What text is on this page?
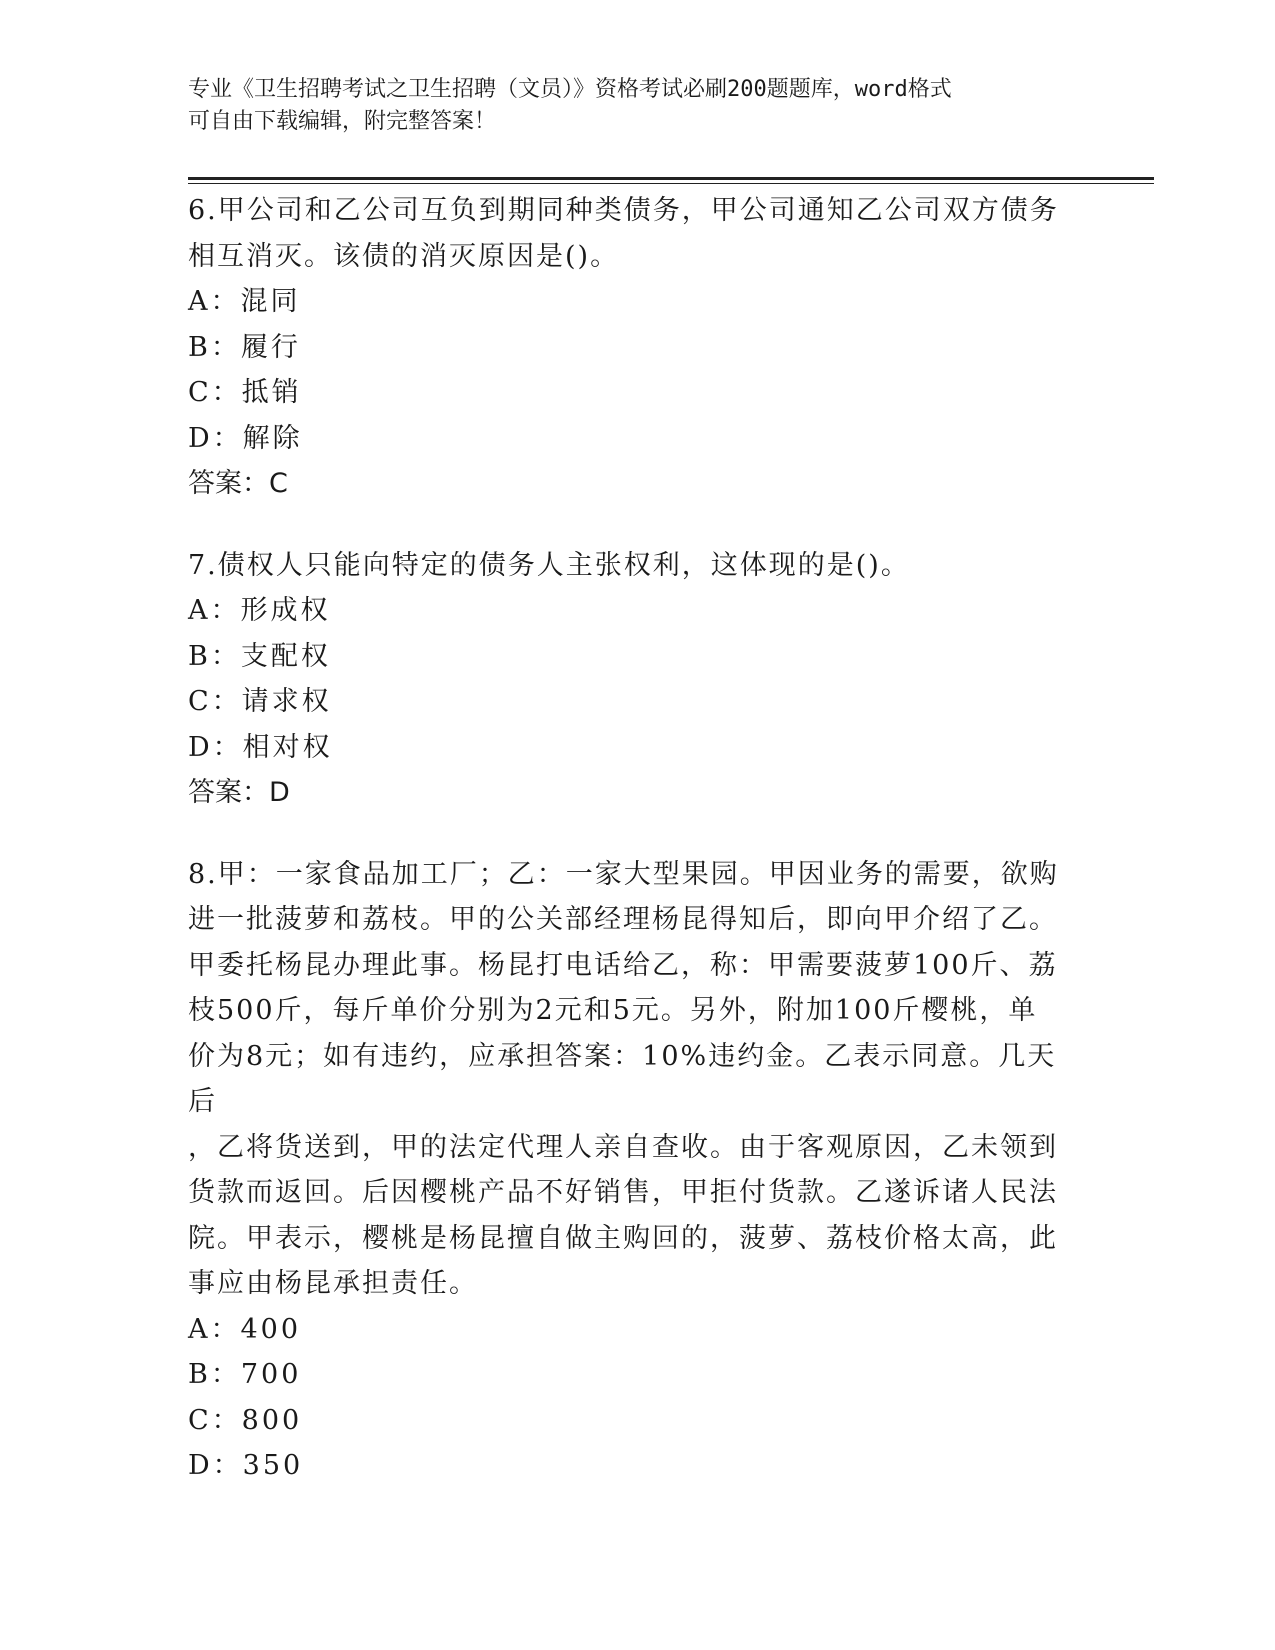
专业《卫生招聘考试之卫生招聘（文员）》资格考试必刷200题题库，word格式
可自由下载编辑，附完整答案！
6.甲公司和乙公司互负到期同种类债务，甲公司通知乙公司双方债务
相互消灭。该债的消灭原因是()。
A：混同
B：履行
C：抵销
D：解除
答案：C
7.债权人只能向特定的债务人主张权利，这体现的是()。
A：形成权
B：支配权
C：请求权
D：相对权
答案：D
8.甲：一家食品加工厂；乙：一家大型果园。甲因业务的需要，欲购
进一批菠萝和荔枝。甲的公关部经理杨昆得知后，即向甲介绍了乙。
甲委托杨昆办理此事。杨昆打电话给乙，称：甲需要菠萝100斤、荔
枝500斤，每斤单价分别为2元和5元。另外，附加100斤樱桃，单
价为8元；如有违约，应承担答案：10%违约金。乙表示同意。几天后
，乙将货送到，甲的法定代理人亲自查收。由于客观原因，乙未领到
货款而返回。后因樱桃产品不好销售，甲拒付货款。乙遂诉诸人民法
院。甲表示，樱桃是杨昆擅自做主购回的，菠萝、荔枝价格太高，此
事应由杨昆承担责任。
A：400
B：700
C：800
D：350
